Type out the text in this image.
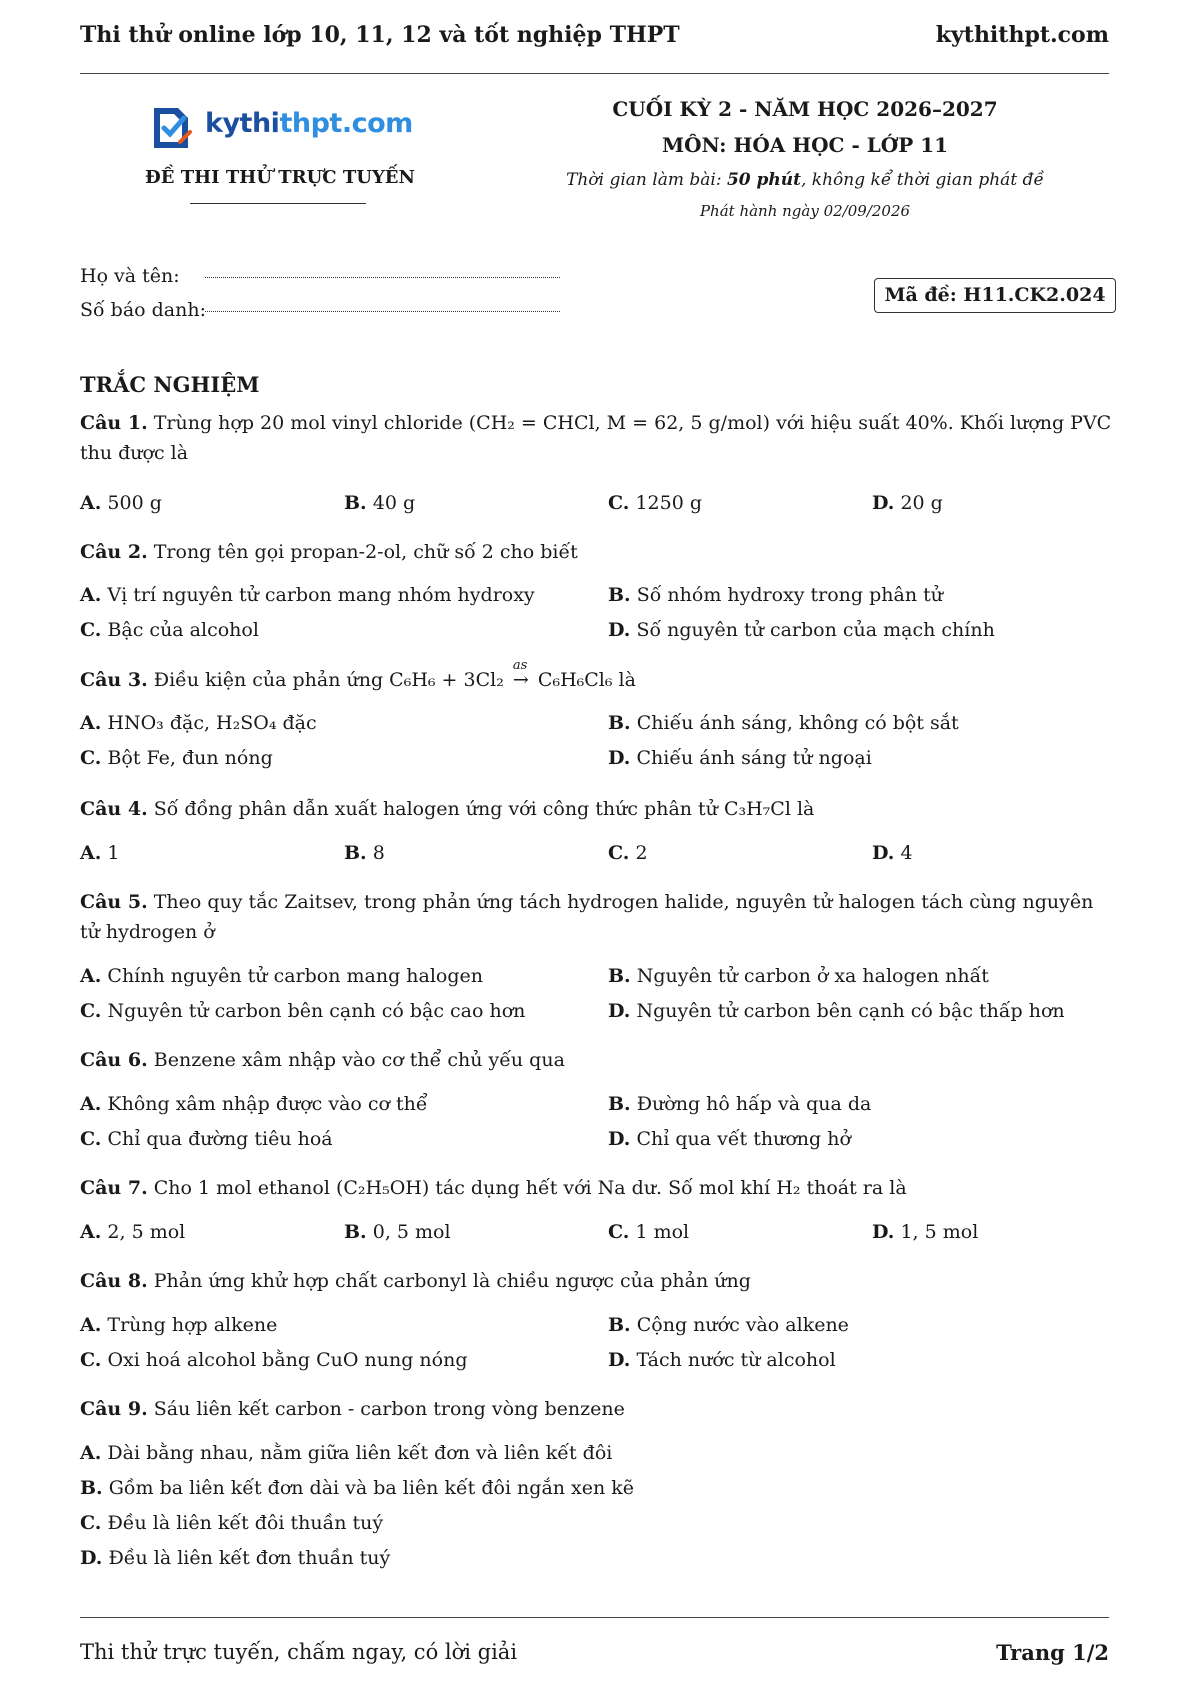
Thi thử online lớp 10, 11, 12 và tốt nghiệp THPT	kythithpt.com
kythithpt.com
ĐỀ THI THỬ TRỰC TUYẾN
CUỐI KỲ 2 - NĂM HỌC 2026–2027
MÔN: HÓA HỌC - LỚP 11
Thời gian làm bài: 50 phút, không kể thời gian phát đề
Phát hành ngày 02/09/2026
Họ và tên:
Số báo danh:
Mã đề: H11.CK2.024
TRẮC NGHIỆM
Câu 1. Trùng hợp 20 mol vinyl chloride (CH₂ = CHCl, M = 62, 5 g/mol) với hiệu suất 40%. Khối lượng PVC thu được là
A. 500 g	B. 40 g	C. 1250 g	D. 20 g
Câu 2. Trong tên gọi propan-2-ol, chữ số 2 cho biết
A. Vị trí nguyên tử carbon mang nhóm hydroxy	B. Số nhóm hydroxy trong phân tử
C. Bậc của alcohol	D. Số nguyên tử carbon của mạch chính
Câu 3. Điều kiện của phản ứng C₆H₆ + 3Cl₂
as
→ C₆H₆Cl₆ là
A. HNO₃ đặc, H₂SO₄ đặc	B. Chiếu ánh sáng, không có bột sắt
C. Bột Fe, đun nóng	D. Chiếu ánh sáng tử ngoại
Câu 4. Số đồng phân dẫn xuất halogen ứng với công thức phân tử C₃H₇Cl là
A. 1	B. 8	C. 2	D. 4
Câu 5. Theo quy tắc Zaitsev, trong phản ứng tách hydrogen halide, nguyên tử halogen tách cùng nguyên tử hydrogen ở
A. Chính nguyên tử carbon mang halogen	B. Nguyên tử carbon ở xa halogen nhất
C. Nguyên tử carbon bên cạnh có bậc cao hơn	D. Nguyên tử carbon bên cạnh có bậc thấp hơn
Câu 6. Benzene xâm nhập vào cơ thể chủ yếu qua
A. Không xâm nhập được vào cơ thể	B. Đường hô hấp và qua da
C. Chỉ qua đường tiêu hoá	D. Chỉ qua vết thương hở
Câu 7. Cho 1 mol ethanol (C₂H₅OH) tác dụng hết với Na dư. Số mol khí H₂ thoát ra là
A. 2, 5 mol	B. 0, 5 mol	C. 1 mol	D. 1, 5 mol
Câu 8. Phản ứng khử hợp chất carbonyl là chiều ngược của phản ứng
A. Trùng hợp alkene	B. Cộng nước vào alkene
C. Oxi hoá alcohol bằng CuO nung nóng	D. Tách nước từ alcohol
Câu 9. Sáu liên kết carbon - carbon trong vòng benzene
A. Dài bằng nhau, nằm giữa liên kết đơn và liên kết đôi
B. Gồm ba liên kết đơn dài và ba liên kết đôi ngắn xen kẽ
C. Đều là liên kết đôi thuần tuý
D. Đều là liên kết đơn thuần tuý
Thi thử trực tuyến, chấm ngay, có lời giải	Trang 1/2
